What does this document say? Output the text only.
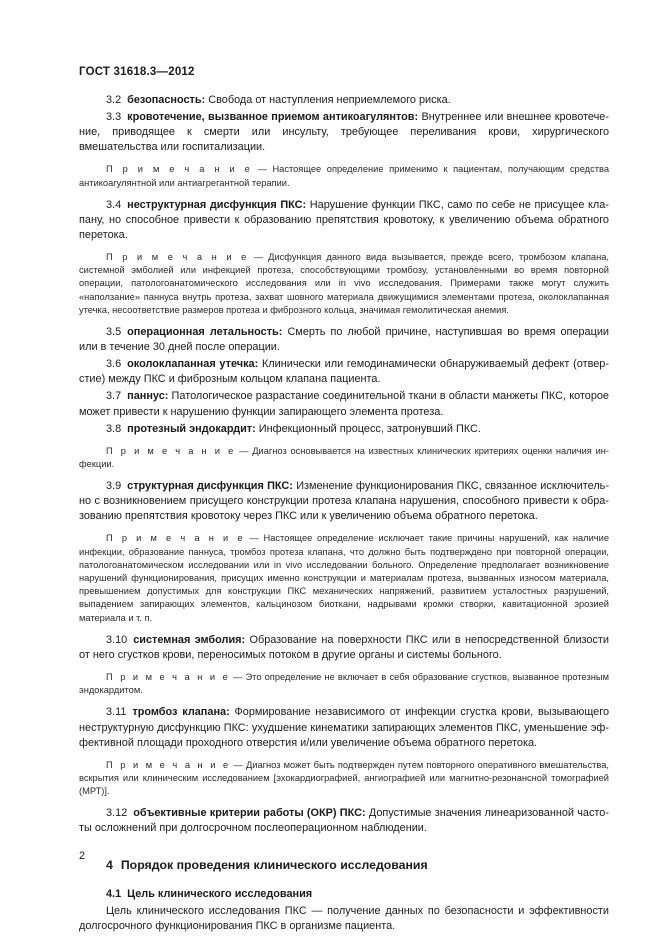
ГОСТ 31618.3—2012

3.2 безопасность: Свобода от наступления неприемлемого риска.

3.3 кровотечение, вызванное приемом антикоагулянтов: Внутреннее или внешнее кровотечение, приводящее к смерти или инсульту, требующее переливания крови, хирургического вмешательства или госпитализации.

П р и м е ч а н и е — Настоящее определение применимо к пациентам, получающим средства антикоагулянтной или антиагрегантной терапии.

3.4 неструктурная дисфункция ПКС: Нарушение функции ПКС, само по себе не присущее клапану, но способное привести к образованию препятствия кровотоку, к увеличению объема обратного перетока.

П р и м е ч а н и е — Дисфункция данного вида вызывается, прежде всего, тромбозом клапана, системной эмболией или инфекцией протеза, способствующими тромбозу, установленными во время повторной операции, патологоанатомического исследования или in vivo исследования. Примерами также могут служить «наползание» паннуса внутрь протеза, захват шовного материала движущимися элементами протеза, околоклапанная утечка, несоответствие размеров протеза и фиброзного кольца, значимая гемолитическая анемия.

3.5 операционная летальность: Смерть по любой причине, наступившая во время операции или в течение 30 дней после операции.

3.6 околоклапанная утечка: Клинически или гемодинамически обнаруживаемый дефект (отверстие) между ПКС и фиброзным кольцом клапана пациента.

3.7 паннус: Патологическое разрастание соединительной ткани в области манжеты ПКС, которое может привести к нарушению функции запирающего элемента протеза.

3.8 протезный эндокардит: Инфекционный процесс, затронувший ПКС.

П р и м е ч а н и е — Диагноз основывается на известных клинических критериях оценки наличия инфекции.

3.9 структурная дисфункция ПКС: Изменение функционирования ПКС, связанное исключительно с возникновением присущего конструкции протеза клапана нарушения, способного привести к образованию препятствия кровотоку через ПКС или к увеличению объема обратного перетока.

П р и м е ч а н и е — Настоящее определение исключает такие причины нарушений, как наличие инфекции, образование паннуса, тромбоз протеза клапана, что должно быть подтверждено при повторной операции, патологоанатомическом исследовании или in vivo исследовании больного. Определение предполагает возникновение нарушений функционирования, присущих именно конструкции и материалам протеза, вызванных износом материала, превышением допустимых для конструкции ПКС механических напряжений, развитием усталостных разрушений, выпадением запирающих элементов, кальцинозом биоткани, надрывами кромки створки, кавитационной эрозией материала и т. п.

3.10 системная эмболия: Образование на поверхности ПКС или в непосредственной близости от него сгустков крови, переносимых потоком в другие органы и системы больного.

П р и м е ч а н и е — Это определение не включает в себя образование сгустков, вызванное протезным эндокардитом.

3.11 тромбоз клапана: Формирование независимого от инфекции сгустка крови, вызывающего неструктурную дисфункцию ПКС: ухудшение кинематики запирающих элементов ПКС, уменьшение эффективной площади проходного отверстия и/или увеличение объема обратного перетока.

П р и м е ч а н и е — Диагноз может быть подтвержден путем повторного оперативного вмешательства, вскрытия или клиническим исследованием [эхокардиографией, ангиографией или магнитно-резонансной томографией (МРТ)].

3.12 объективные критерии работы (ОКР) ПКС: Допустимые значения линеаризованной частоты осложнений при долгосрочном послеоперационном наблюдении.

4 Порядок проведения клинического исследования
4.1 Цель клинического исследования

Цель клинического исследования ПКС — получение данных по безопасности и эффективности долгосрочного функционирования ПКС в организме пациента.

2
